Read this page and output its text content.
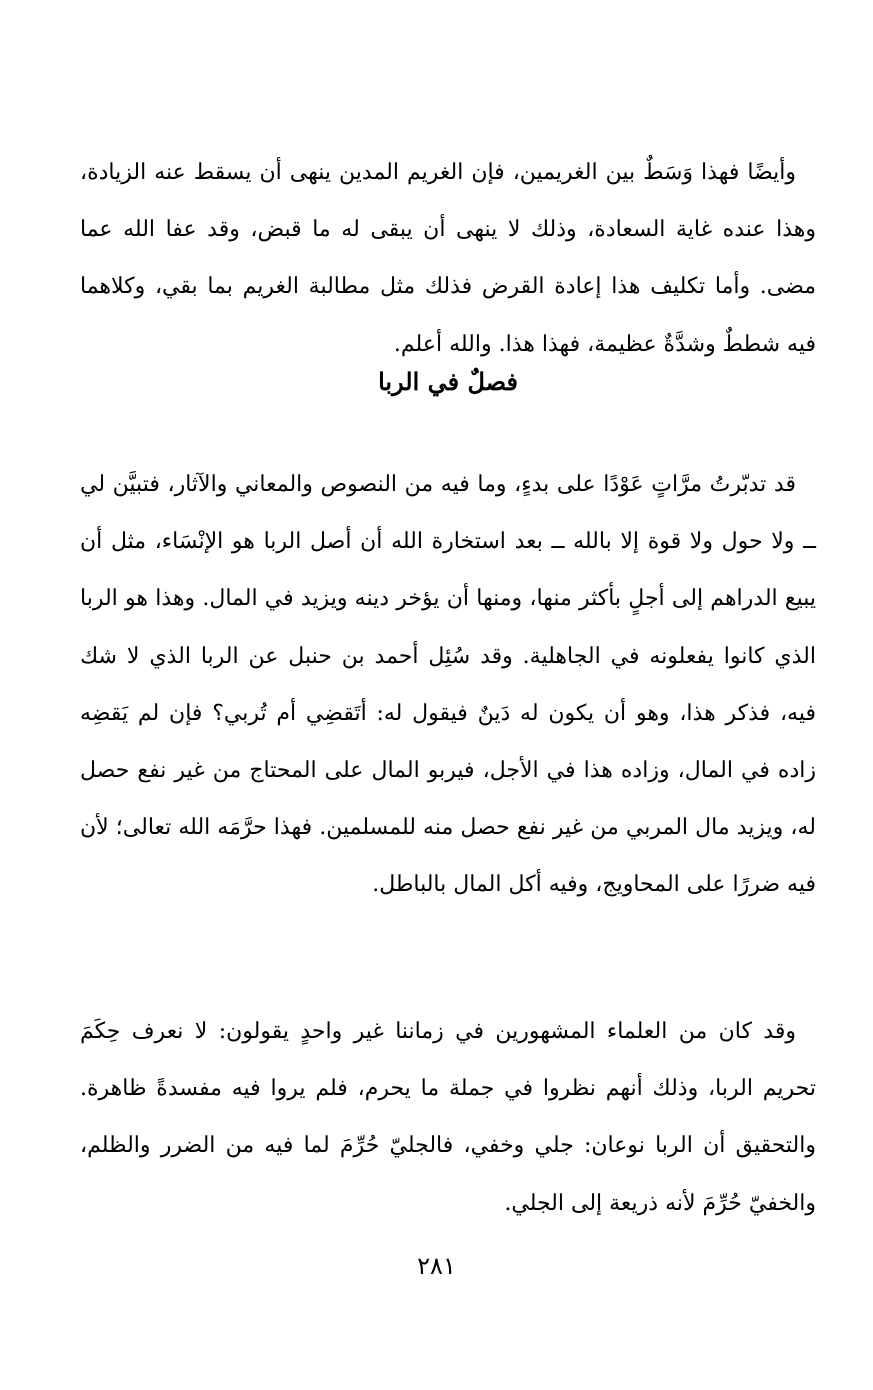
وأيضًا فهذا وَسَطٌ بين الغريمين، فإن الغريم المدين ينهى أن يسقط عنه الزيادة، وهذا عنده غاية السعادة، وذلك لا ينهى أن يبقى له ما قبض، وقد عفا الله عما مضى. وأما تكليف هذا إعادة القرض فذلك مثل مطالبة الغريم بما بقي، وكلاهما فيه شططٌ وشدَّةٌ عظيمة، فهذا هذا. والله أعلم.

فصلٌ في الربا

قد تدبّرتُ مرَّاتٍ عَوْدًا على بدءٍ، وما فيه من النصوص والمعاني والآثار، فتبيَّن لي ــ ولا حول ولا قوة إلا بالله ــ بعد استخارة الله أن أصل الربا هو الإنْسَاء، مثل أن يبيع الدراهم إلى أجلٍ بأكثر منها، ومنها أن يؤخر دينه ويزيد في المال. وهذا هو الربا الذي كانوا يفعلونه في الجاهلية. وقد سُئِل أحمد بن حنبل عن الربا الذي لا شك فيه، فذكر هذا، وهو أن يكون له دَينٌ فيقول له: أتَقضِي أم تُربي؟ فإن لم يَقضِه زاده في المال، وزاده هذا في الأجل، فيربو المال على المحتاج من غير نفع حصل له، ويزيد مال المربي من غير نفع حصل منه للمسلمين. فهذا حرَّمَه الله تعالى؛ لأن فيه ضررًا على المحاويج، وفيه أكل المال بالباطل.

وقد كان من العلماء المشهورين في زماننا غير واحدٍ يقولون: لا نعرف حِكَمَ تحريم الربا، وذلك أنهم نظروا في جملة ما يحرم، فلم يروا فيه مفسدةً ظاهرة. والتحقيق أن الربا نوعان: جلي وخفي، فالجليّ حُرِّمَ لما فيه من الضرر والظلم، والخفيّ حُرِّمَ لأنه ذريعة إلى الجلي.

٢٨١
